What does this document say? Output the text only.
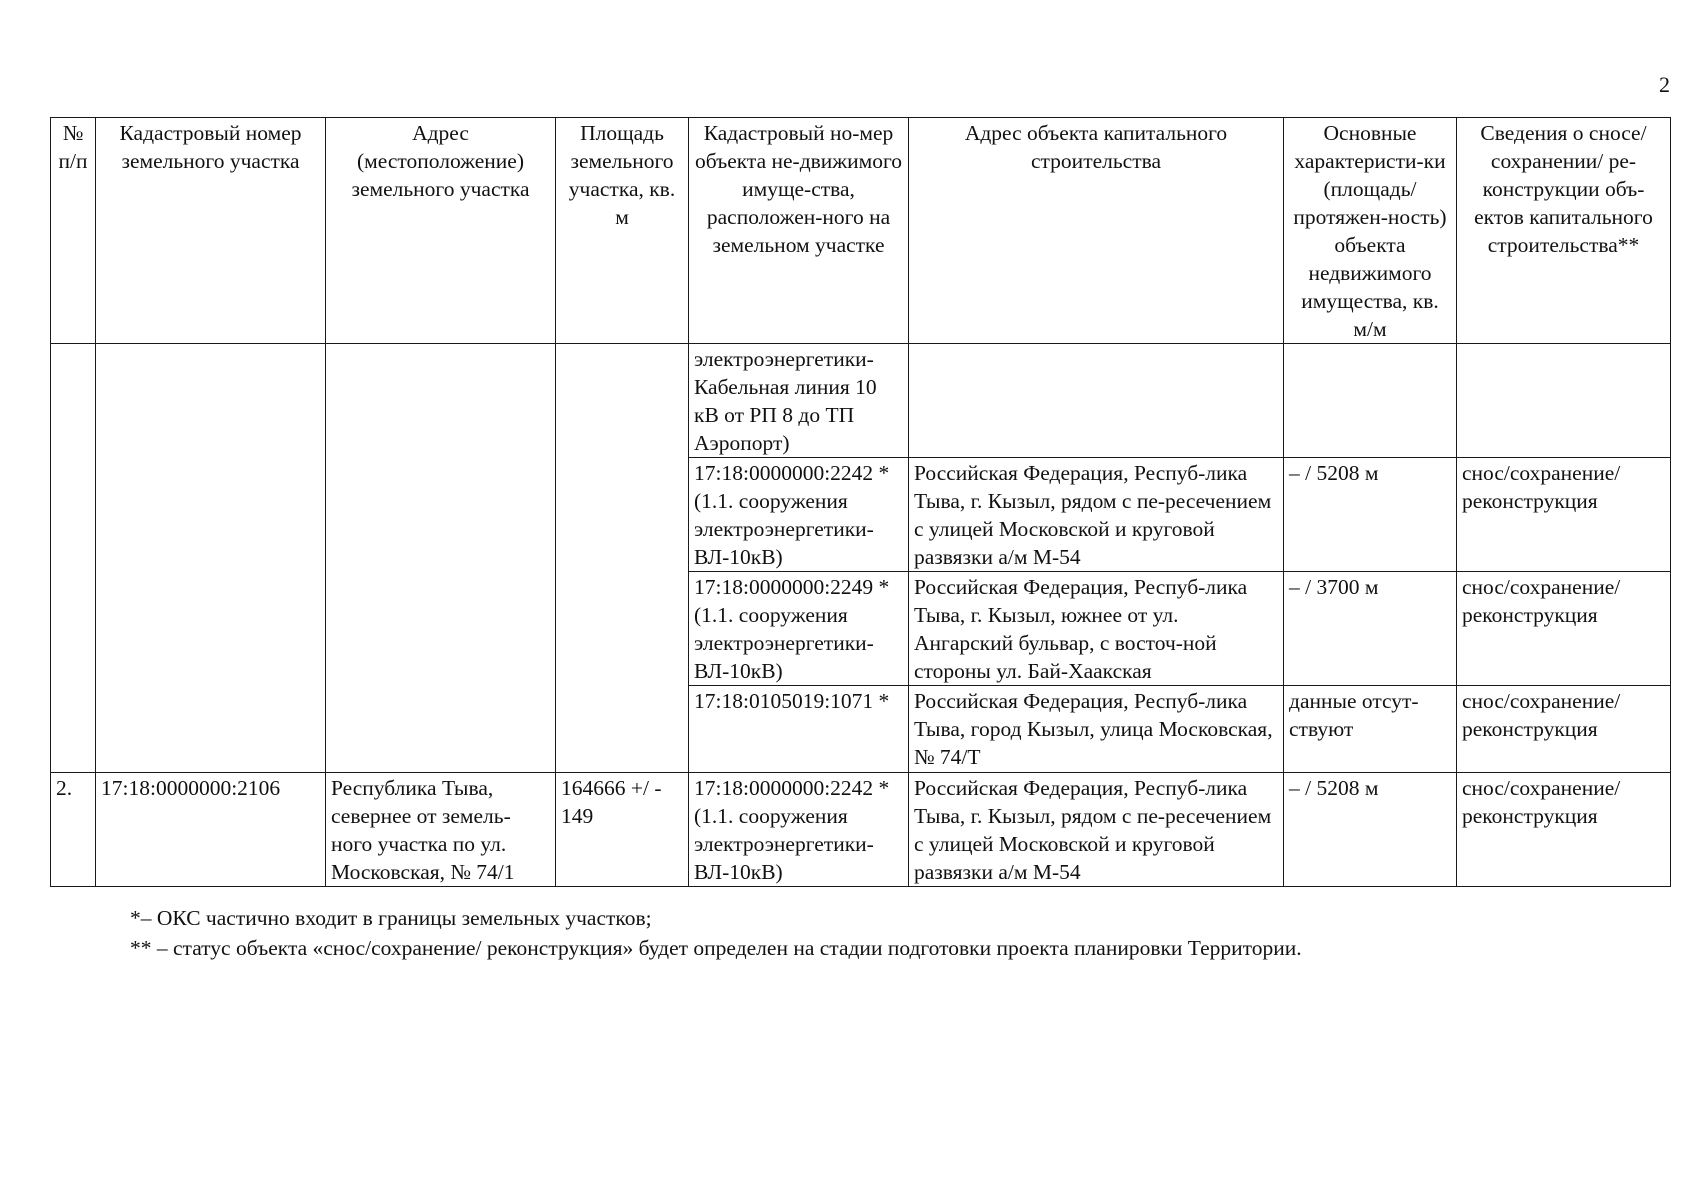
2
№ п/п	Кадастровый номер земельного участка	Адрес (местоположение) земельного участка	Площадь земельного участка, кв. м	Кадастровый но-мер объекта не-движимого имуще-ства, расположен-ного на земельном участке	Адрес объекта капитального строительства	Основные характеристи-ки (площадь/ протяжен-ность) объекта недвижимого имущества, кв. м/м	Сведения о сносе/ сохранении/ ре-конструкции объ-ектов капитального строительства**
				электроэнергетики-Кабельная линия 10 кВ от РП 8 до ТП Аэропорт)			
				17:18:0000000:2242 * (1.1. сооружения электроэнергетики-ВЛ-10кВ)	Российская Федерация, Респуб-лика Тыва, г. Кызыл, рядом с пе-ресечением с улицей Московской и круговой развязки а/м М-54	– / 5208 м	снос/сохранение/ реконструкция
				17:18:0000000:2249 * (1.1. сооружения электроэнергетики-ВЛ-10кВ)	Российская Федерация, Респуб-лика Тыва, г. Кызыл, южнее от ул. Ангарский бульвар, с восточ-ной стороны ул. Бай-Хаакская	– / 3700 м	снос/сохранение/ реконструкция
				17:18:0105019:1071 *	Российская Федерация, Респуб-лика Тыва, город Кызыл, улица Московская, № 74/Т	данные отсут-ствуют	снос/сохранение/ реконструкция
2.	17:18:0000000:2106	Республика Тыва, севернее от земель-ного участка по ул. Московская, № 74/1	164666 +/ - 149	17:18:0000000:2242 * (1.1. сооружения электроэнергетики-ВЛ-10кВ)	Российская Федерация, Респуб-лика Тыва, г. Кызыл, рядом с пе-ресечением с улицей Московской и круговой развязки а/м М-54	– / 5208 м	снос/сохранение/ реконструкция
*– ОКС частично входит в границы земельных участков;
** – статус объекта «снос/сохранение/ реконструкция» будет определен на стадии подготовки проекта планировки Территории.
